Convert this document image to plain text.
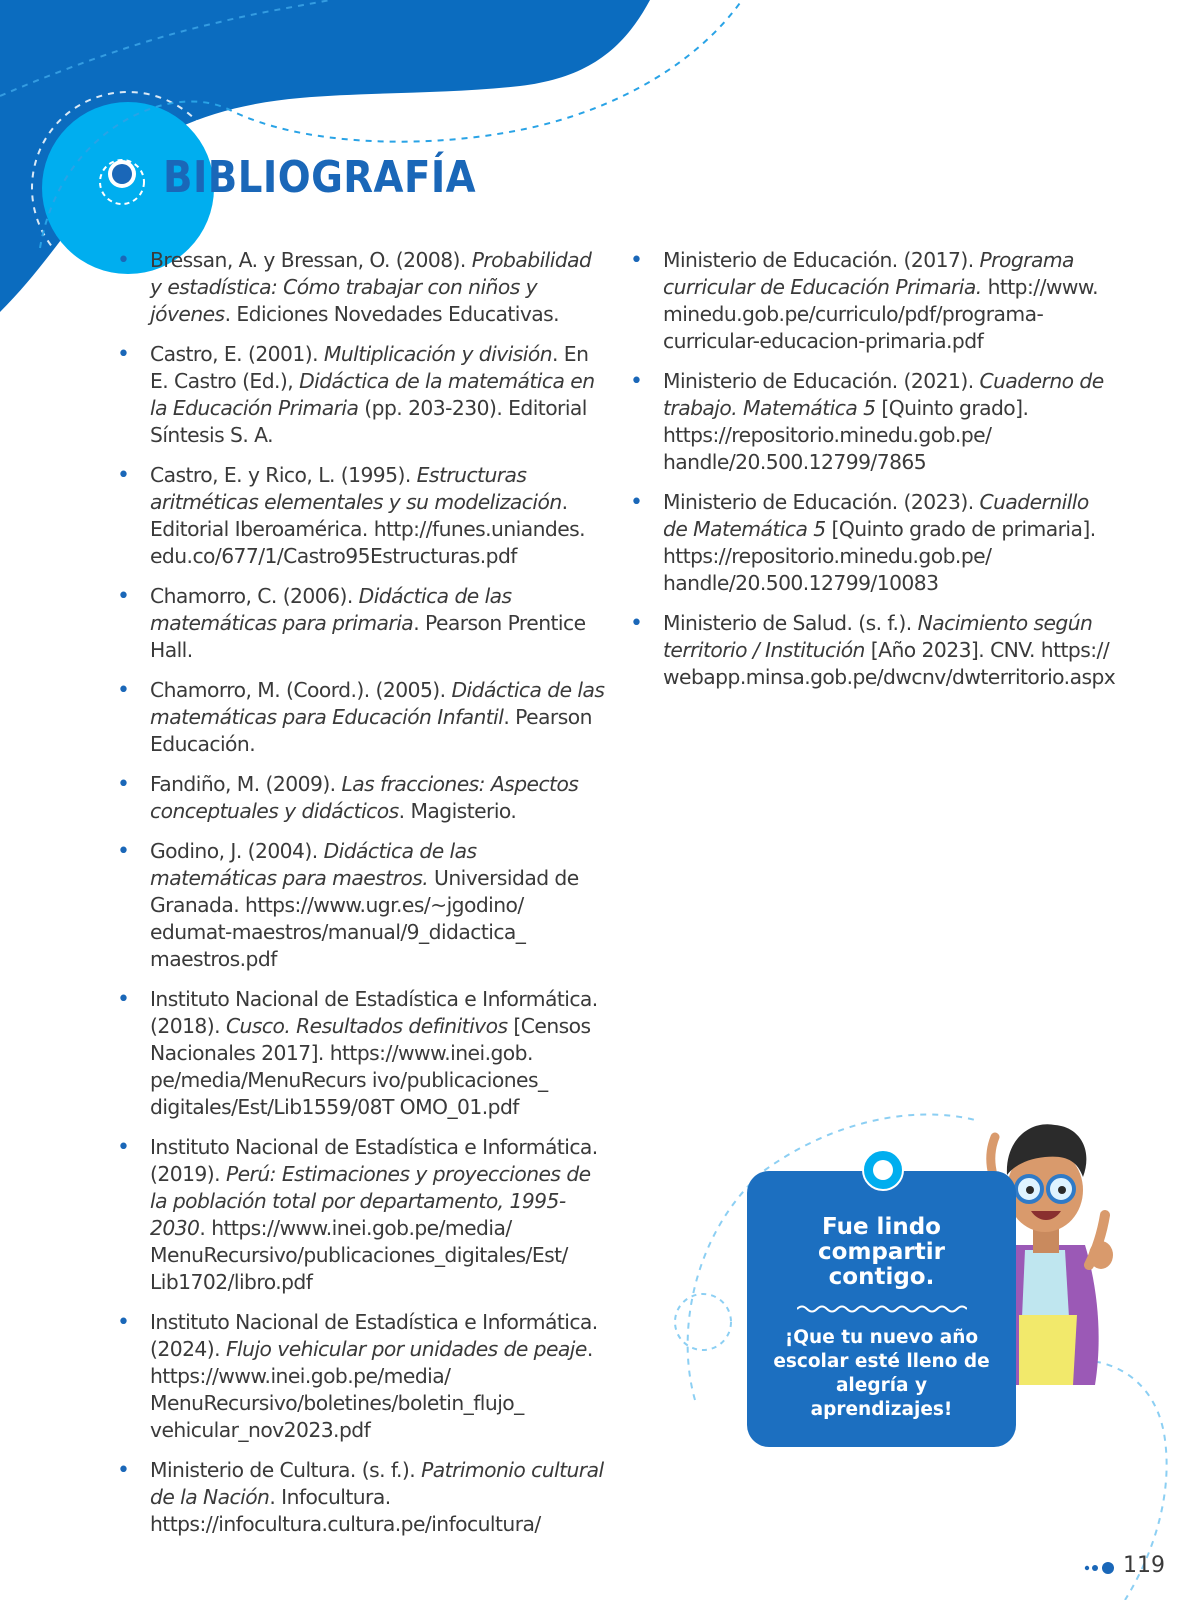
BIBLIOGRAFÍA
• Bressan, A. y Bressan, O. (2008). Probabilidad y estadística: Cómo trabajar con niños y jóvenes. Ediciones Novedades Educativas.
• Castro, E. (2001). Multiplicación y división. En E. Castro (Ed.), Didáctica de la matemática en la Educación Primaria (pp. 203-230). Editorial Síntesis S. A.
• Castro, E. y Rico, L. (1995). Estructuras aritméticas elementales y su modelización. Editorial Iberoamérica. http://funes.uniandes. edu.co/677/1/Castro95Estructuras.pdf
• Chamorro, C. (2006). Didáctica de las matemáticas para primaria. Pearson Prentice Hall.
• Chamorro, M. (Coord.). (2005). Didáctica de las matemáticas para Educación Infantil. Pearson Educación.
• Fandiño, M. (2009). Las fracciones: Aspectos conceptuales y didácticos. Magisterio.
• Godino, J. (2004). Didáctica de las matemáticas para maestros. Universidad de Granada. https://www.ugr.es/~jgodino/ edumat-maestros/manual/9_didactica_ maestros.pdf
• Instituto Nacional de Estadística e Informática. (2018). Cusco. Resultados definitivos [Censos Nacionales 2017]. https://www.inei.gob. pe/media/MenuRecurs ivo/publicaciones_ digitales/Est/Lib1559/08T OMO_01.pdf
• Instituto Nacional de Estadística e Informática. (2019). Perú: Estimaciones y proyecciones de la población total por departamento, 1995-2030. https://www.inei.gob.pe/media/ MenuRecursivo/publicaciones_digitales/Est/ Lib1702/libro.pdf
• Instituto Nacional de Estadística e Informática. (2024). Flujo vehicular por unidades de peaje. https://www.inei.gob.pe/media/ MenuRecursivo/boletines/boletin_flujo_ vehicular_nov2023.pdf
• Ministerio de Cultura. (s. f.). Patrimonio cultural de la Nación. Infocultura. https://infocultura.cultura.pe/infocultura/
• Ministerio de Educación. (2017). Programa curricular de Educación Primaria. http://www. minedu.gob.pe/curriculo/pdf/programa- curricular-educacion-primaria.pdf
• Ministerio de Educación. (2021). Cuaderno de trabajo. Matemática 5 [Quinto grado]. https://repositorio.minedu.gob.pe/ handle/20.500.12799/7865
• Ministerio de Educación. (2023). Cuadernillo de Matemática 5 [Quinto grado de primaria]. https://repositorio.minedu.gob.pe/ handle/20.500.12799/10083
• Ministerio de Salud. (s. f.). Nacimiento según territorio / Institución [Año 2023]. CNV. https:// webapp.minsa.gob.pe/dwcnv/dwterritorio.aspx
Fue lindo compartir contigo.
¡Que tu nuevo año escolar esté lleno de alegría y aprendizajes!
119
